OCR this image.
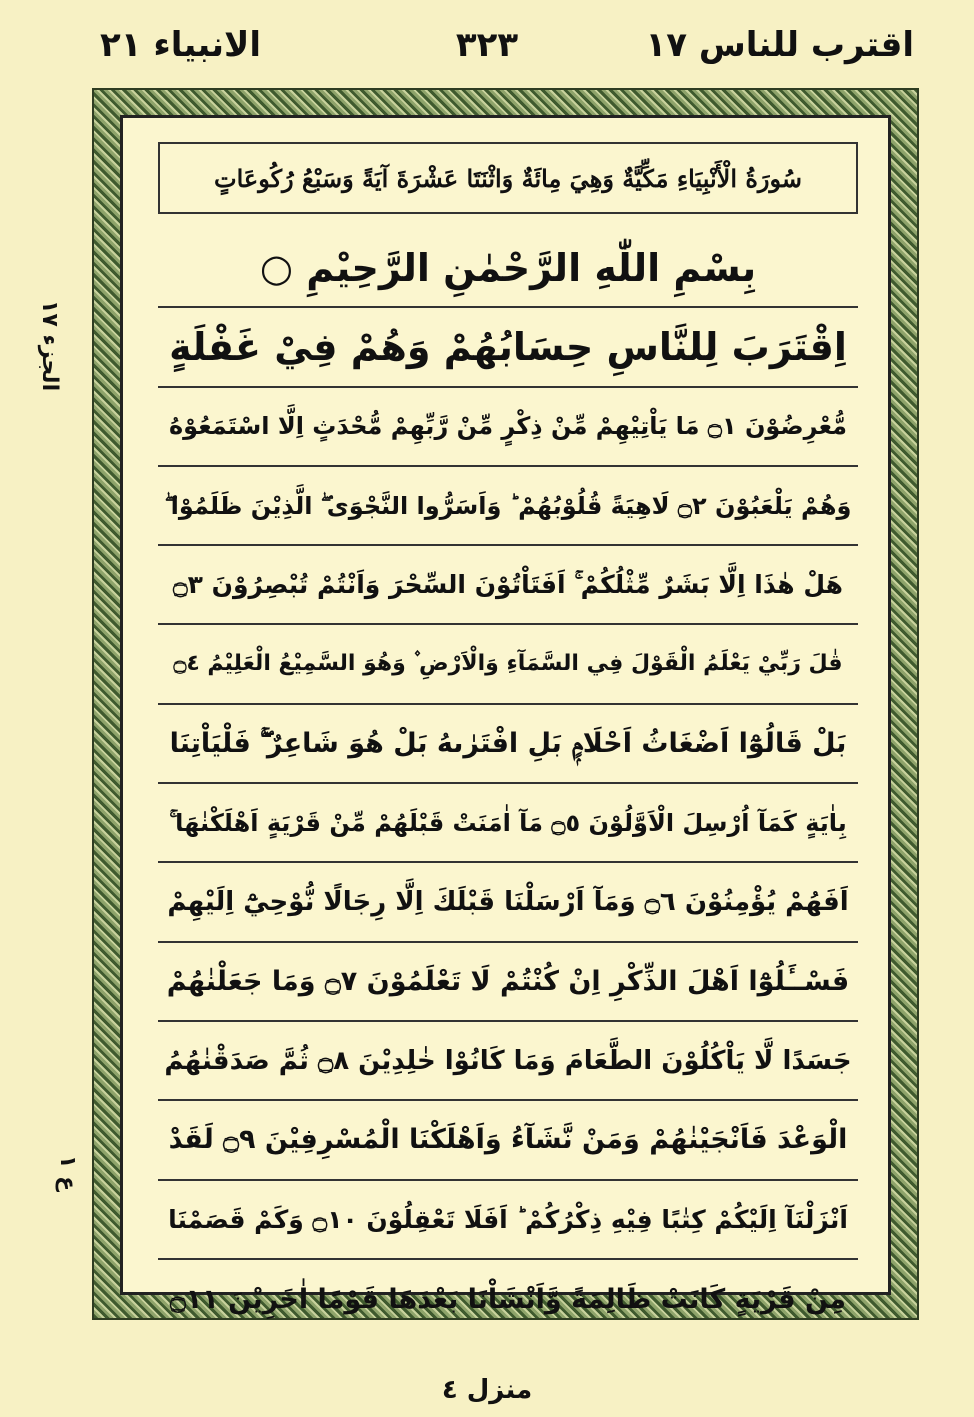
اقترب للناس ١٧
٣٢٣
الانبياء ٢١
الجزء ١٧
ع ١
سُورَةُ الْأَنْبِيَاءِ مَكِّيَّةٌ وَهِيَ مِائَةٌ وَاثْنَتَا عَشْرَةَ آيَةً وَسَبْعُ رُكُوعَاتٍ
بِسْمِ اللّٰهِ الرَّحْمٰنِ الرَّحِيْمِ ○
اِقْتَرَبَ لِلنَّاسِ حِسَابُهُمْ وَهُمْ فِيْ غَفْلَةٍ
مُّعْرِضُوْنَ ۝١ مَا يَاْتِيْهِمْ مِّنْ ذِكْرٍ مِّنْ رَّبِّهِمْ مُّحْدَثٍ اِلَّا اسْتَمَعُوْهُ
وَهُمْ يَلْعَبُوْنَ ۝٢ لَاهِيَةً قُلُوْبُهُمْ ؕ وَاَسَرُّوا النَّجْوَى ۖ الَّذِيْنَ ظَلَمُوْا ۖ
هَلْ هٰذَا اِلَّا بَشَرٌ مِّثْلُكُمْ ۚ اَفَتَاْتُوْنَ السِّحْرَ وَاَنْتُمْ تُبْصِرُوْنَ ۝٣
قٰلَ رَبِّيْ يَعْلَمُ الْقَوْلَ فِي السَّمَآءِ وَالْاَرْضِ ۫ وَهُوَ السَّمِيْعُ الْعَلِيْمُ ۝٤
بَلْ قَالُوْٓا اَضْغَاثُ اَحْلَامٍۭ بَلِ افْتَرٰىهُ بَلْ هُوَ شَاعِرٌ ۚۖ فَلْيَاْتِنَا
بِاٰيَةٍ كَمَآ اُرْسِلَ الْاَوَّلُوْنَ ۝٥ مَآ اٰمَنَتْ قَبْلَهُمْ مِّنْ قَرْيَةٍ اَهْلَكْنٰهَا ۚ
اَفَهُمْ يُؤْمِنُوْنَ ۝٦ وَمَآ اَرْسَلْنَا قَبْلَكَ اِلَّا رِجَالًا نُّوْحِيْٓ اِلَيْهِمْ
فَسْــَٔلُوْٓا اَهْلَ الذِّكْرِ اِنْ كُنْتُمْ لَا تَعْلَمُوْنَ ۝٧ وَمَا جَعَلْنٰهُمْ
جَسَدًا لَّا يَاْكُلُوْنَ الطَّعَامَ وَمَا كَانُوْا خٰلِدِيْنَ ۝٨ ثُمَّ صَدَقْنٰهُمُ
الْوَعْدَ فَاَنْجَيْنٰهُمْ وَمَنْ نَّشَآءُ وَاَهْلَكْنَا الْمُسْرِفِيْنَ ۝٩ لَقَدْ
اَنْزَلْنَآ اِلَيْكُمْ كِتٰبًا فِيْهِ ذِكْرُكُمْ ؕ اَفَلَا تَعْقِلُوْنَ ۝١٠ وَكَمْ قَصَمْنَا
مِنْ قَرْيَةٍ كَانَتْ ظَالِمَةً وَّاَنْشَاْنَا بَعْدَهَا قَوْمًا اٰخَرِيْنَ ۝١١
منزل ٤
